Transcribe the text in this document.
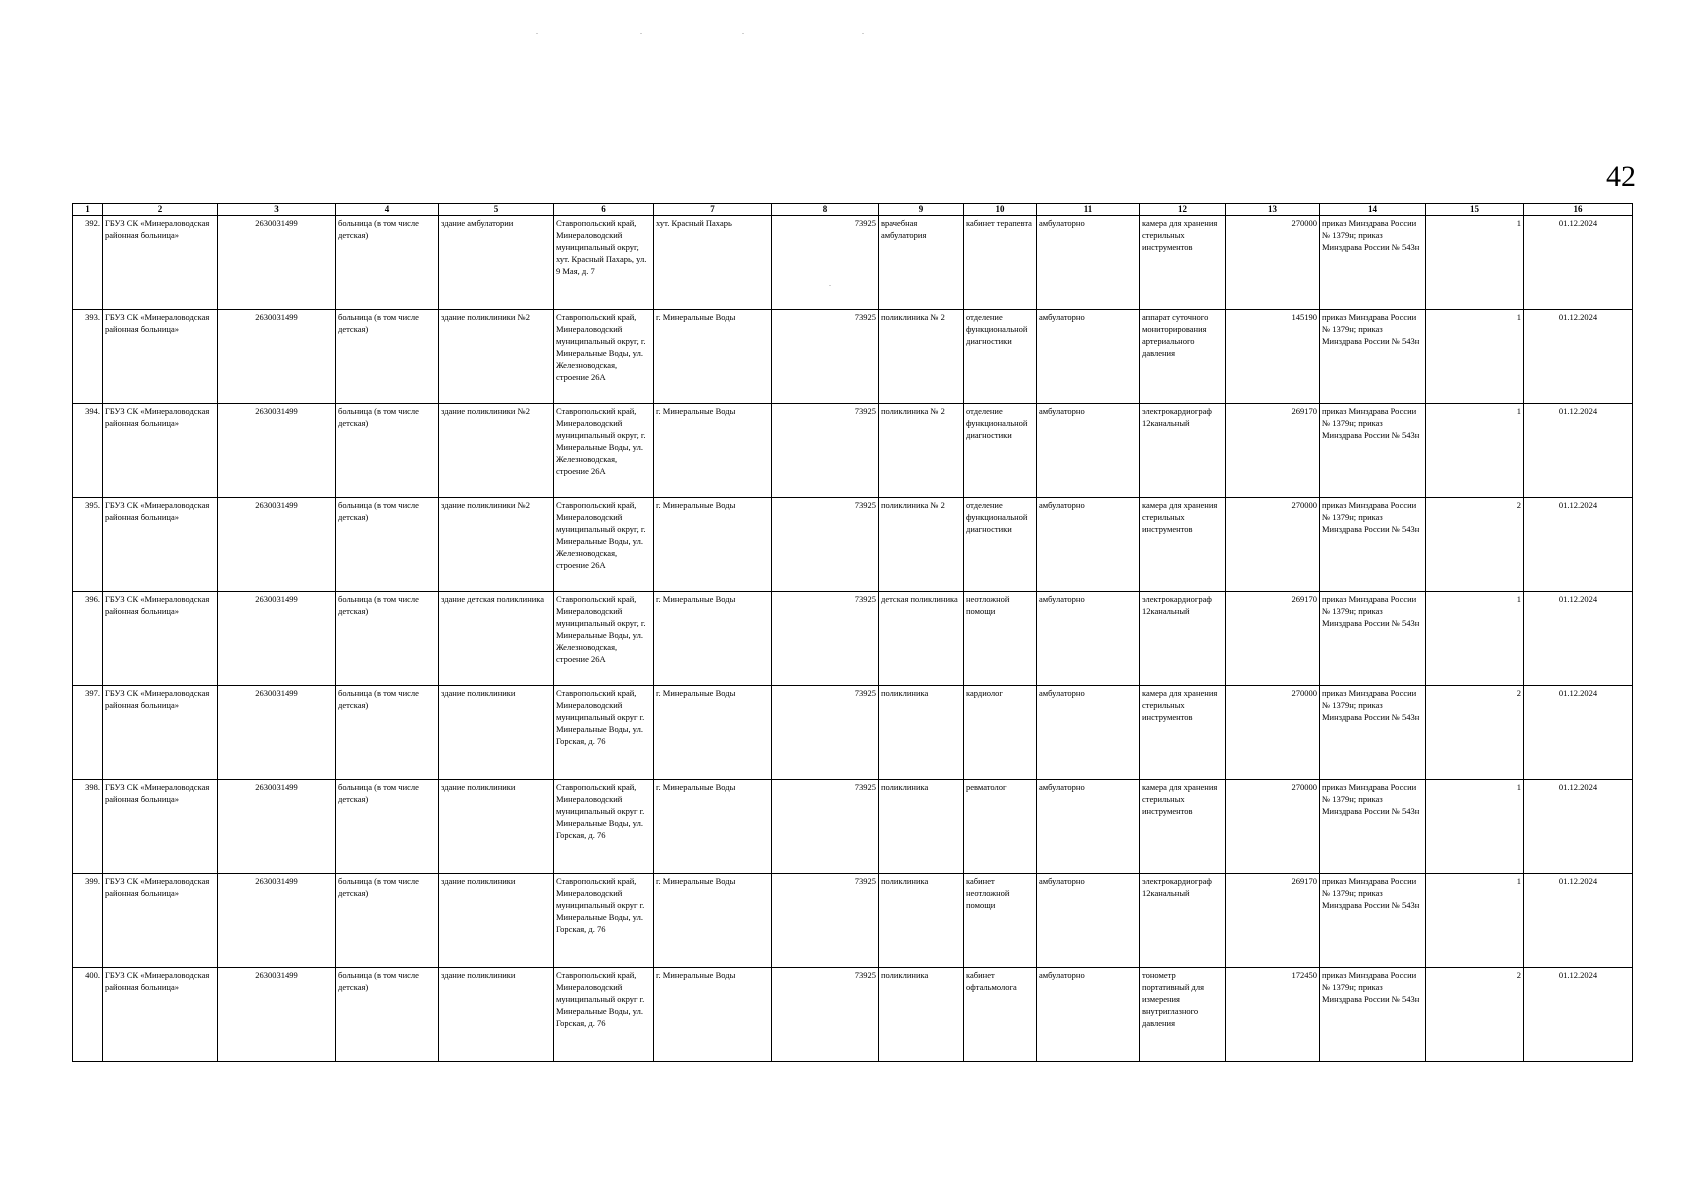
42
1	2	3	4	5	6	7	8	9	10	11	12	13	14	15	16
392.	ГБУЗ СК «Минераловодская районная больница»	2630031499	больница (в том числе детская)	здание амбулатории	Ставропольский край, Минераловодский муниципальный округ, хут. Красный Пахарь, ул. 9 Мая, д. 7	хут. Красный Пахарь	73925	врачебная амбулатория	кабинет терапевта	амбулаторно	камера для хранения стерильных инструментов	270000	приказ Минздрава России № 1379н; приказ Минздрава России № 543н	1	01.12.2024
393.	ГБУЗ СК «Минераловодская районная больница»	2630031499	больница (в том числе детская)	здание поликлиники №2	Ставропольский край, Минераловодский муниципальный округ, г. Минеральные Воды, ул. Железноводская, строение 26А	г. Минеральные Воды	73925	поликлиника № 2	отделение функциональной диагностики	амбулаторно	аппарат суточного мониторирования артериального давления	145190	приказ Минздрава России № 1379н; приказ Минздрава России № 543н	1	01.12.2024
394.	ГБУЗ СК «Минераловодская районная больница»	2630031499	больница (в том числе детская)	здание поликлиники №2	Ставропольский край, Минераловодский муниципальный округ, г. Минеральные Воды, ул. Железноводская, строение 26А	г. Минеральные Воды	73925	поликлиника № 2	отделение функциональной диагностики	амбулаторно	электрокардиограф 12канальный	269170	приказ Минздрава России № 1379н; приказ Минздрава России № 543н	1	01.12.2024
395.	ГБУЗ СК «Минераловодская районная больница»	2630031499	больница (в том числе детская)	здание поликлиники №2	Ставропольский край, Минераловодский муниципальный округ, г. Минеральные Воды, ул. Железноводская, строение 26А	г. Минеральные Воды	73925	поликлиника № 2	отделение функциональной диагностики	амбулаторно	камера для хранения стерильных инструментов	270000	приказ Минздрава России № 1379н; приказ Минздрава России № 543н	2	01.12.2024
396.	ГБУЗ СК «Минераловодская районная больница»	2630031499	больница (в том числе детская)	здание детская поликлиника	Ставропольский край, Минераловодский муниципальный округ, г. Минеральные Воды, ул. Железноводская, строение 26А	г. Минеральные Воды	73925	детская поликлиника	неотложной помощи	амбулаторно	электрокардиограф 12канальный	269170	приказ Минздрава России № 1379н; приказ Минздрава России № 543н	1	01.12.2024
397.	ГБУЗ СК «Минераловодская районная больница»	2630031499	больница (в том числе детская)	здание поликлиники	Ставропольский край, Минераловодский муниципальный округ г. Минеральные Воды, ул. Горская, д. 76	г. Минеральные Воды	73925	поликлиника	кардиолог	амбулаторно	камера для хранения стерильных инструментов	270000	приказ Минздрава России № 1379н; приказ Минздрава России № 543н	2	01.12.2024
398.	ГБУЗ СК «Минераловодская районная больница»	2630031499	больница (в том числе детская)	здание поликлиники	Ставропольский край, Минераловодский муниципальный округ г. Минеральные Воды, ул. Горская, д. 76	г. Минеральные Воды	73925	поликлиника	ревматолог	амбулаторно	камера для хранения стерильных инструментов	270000	приказ Минздрава России № 1379н; приказ Минздрава России № 543н	1	01.12.2024
399.	ГБУЗ СК «Минераловодская районная больница»	2630031499	больница (в том числе детская)	здание поликлиники	Ставропольский край, Минераловодский муниципальный округ г. Минеральные Воды, ул. Горская, д. 76	г. Минеральные Воды	73925	поликлиника	кабинет неотложной помощи	амбулаторно	электрокардиограф 12канальный	269170	приказ Минздрава России № 1379н; приказ Минздрава России № 543н	1	01.12.2024
400.	ГБУЗ СК «Минераловодская районная больница»	2630031499	больница (в том числе детская)	здание поликлиники	Ставропольский край, Минераловодский муниципальный округ г. Минеральные Воды, ул. Горская, д. 76	г. Минеральные Воды	73925	поликлиника	кабинет офтальмолога	амбулаторно	тонометр портативный для измерения внутриглазного давления	172450	приказ Минздрава России № 1379н; приказ Минздрава России № 543н	2	01.12.2024
